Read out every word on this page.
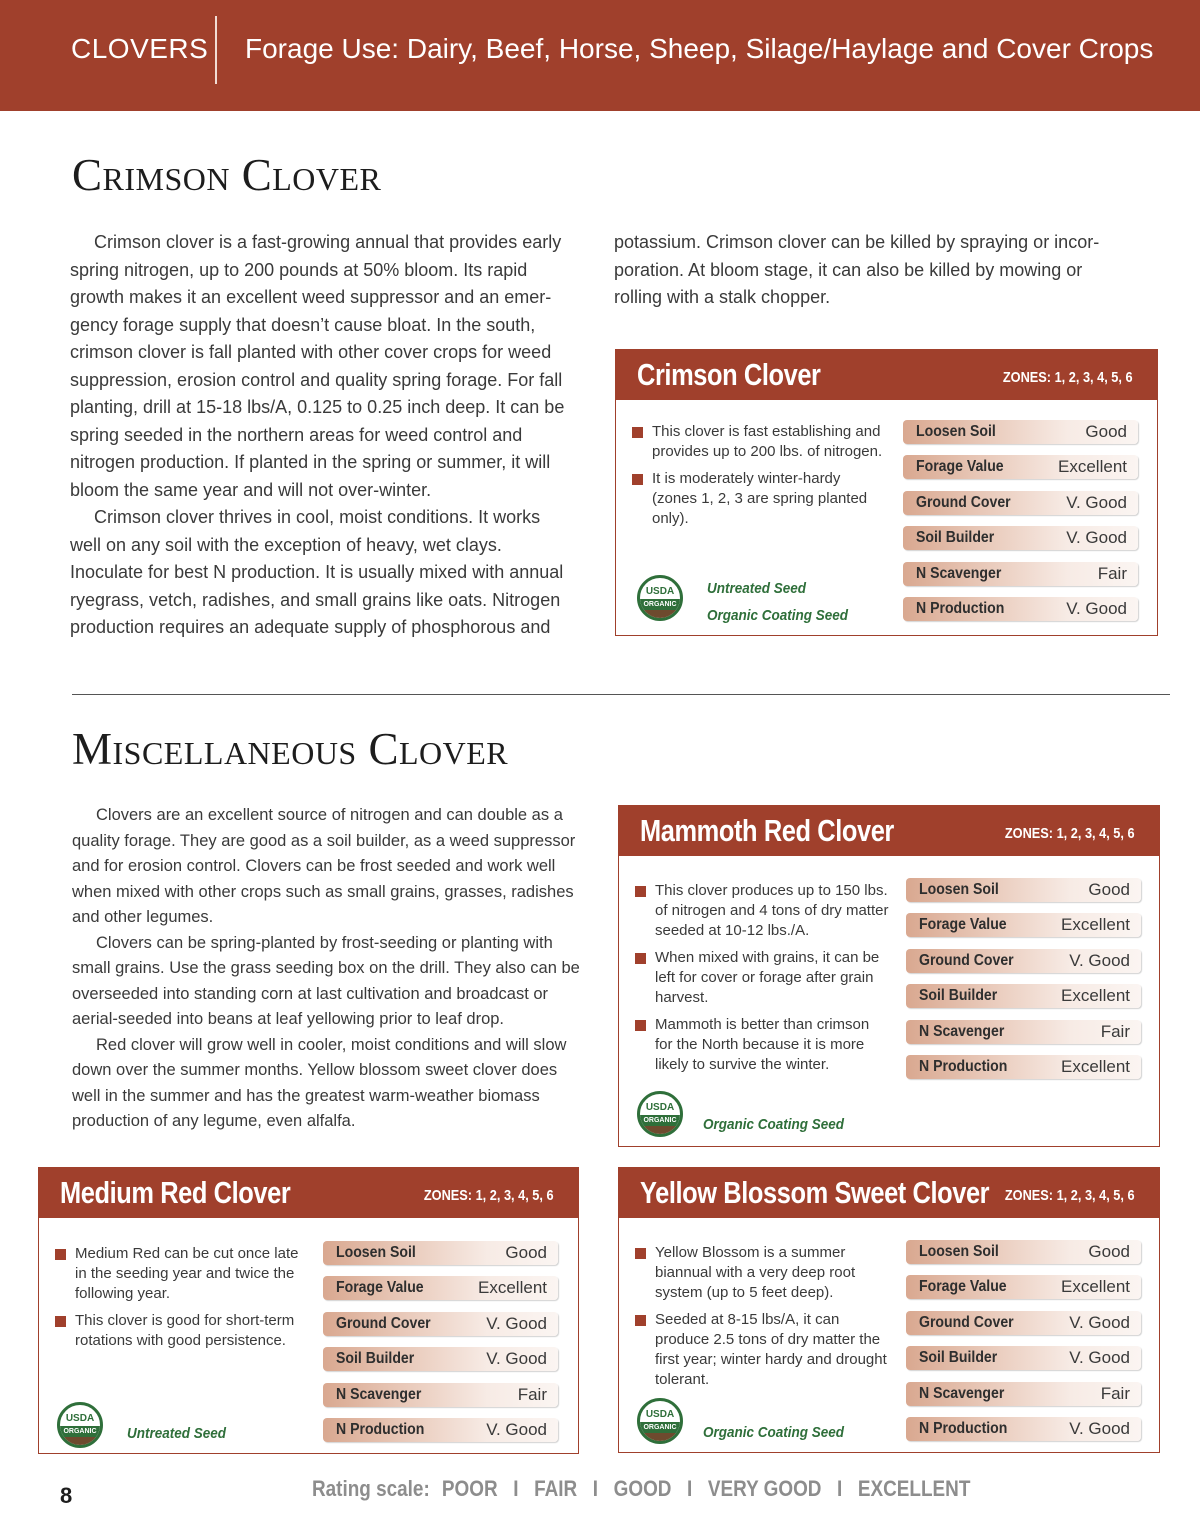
CLOVERS Forage Use: Dairy, Beef, Horse, Sheep, Silage/Haylage and Cover Crops
Crimson Clover

Crimson clover is a fast-growing annual that provides early spring nitrogen, up to 200 pounds at 50% bloom. Its rapid growth makes it an excellent weed suppressor and an emer-gency forage supply that doesn’t cause bloat. In the south, crimson clover is fall planted with other cover crops for weed suppression, erosion control and quality spring forage. For fall planting, drill at 15-18 lbs/A, 0.125 to 0.25 inch deep. It can be spring seeded in the northern areas for weed control and nitrogen production. If planted in the spring or summer, it will bloom the same year and will not over-winter.

Crimson clover thrives in cool, moist conditions. It works well on any soil with the exception of heavy, wet clays. Inoculate for best N production. It is usually mixed with annual ryegrass, vetch, radishes, and small grains like oats. Nitrogen production requires an adequate supply of phosphorous and

potassium. Crimson clover can be killed by spraying or incor-poration. At bloom stage, it can also be killed by mowing or rolling with a stalk chopper.

Crimson Clover	ZONES: 1, 2, 3, 4, 5, 6
This clover is fast establishing and provides up to 200 lbs. of nitrogen.
It is moderately winter-hardy (zones 1, 2, 3 are spring planted only).
USDA
ORGANIC
Untreated Seed
Organic Coating Seed
Loosen Soil	Good
Forage Value	Excellent
Ground Cover	V. Good
Soil Builder	V. Good
N Scavenger	Fair
N Production	V. Good
Miscellaneous Clover

Clovers are an excellent source of nitrogen and can double as a quality forage. They are good as a soil builder, as a weed suppressor and for erosion control. Clovers can be frost seeded and work well when mixed with other crops such as small grains, grasses, radishes and other legumes.

Clovers can be spring-planted by frost-seeding or planting with small grains. Use the grass seeding box on the drill. They also can be overseeded into standing corn at last cultivation and broadcast or aerial-seeded into beans at leaf yellowing prior to leaf drop.

Red clover will grow well in cooler, moist conditions and will slow down over the summer months. Yellow blossom sweet clover does well in the summer and has the greatest warm-weather biomass production of any legume, even alfalfa.

Mammoth Red Clover	ZONES: 1, 2, 3, 4, 5, 6
This clover produces up to 150 lbs. of nitrogen and 4 tons of dry matter seeded at 10-12 lbs./A.
When mixed with grains, it can be left for cover or forage after grain harvest.
Mammoth is better than crimson for the North because it is more likely to survive the winter.
USDA
ORGANIC Organic Coating Seed
Loosen Soil	Good
Forage Value	Excellent
Ground Cover	V. Good
Soil Builder	Excellent
N Scavenger	Fair
N Production	Excellent
Medium Red Clover	ZONES: 1, 2, 3, 4, 5, 6
Medium Red can be cut once late in the seeding year and twice the following year.
This clover is good for short-term rotations with good persistence.
USDA
ORGANIC Untreated Seed
Loosen Soil	Good
Forage Value	Excellent
Ground Cover	V. Good
Soil Builder	V. Good
N Scavenger	Fair
N Production	V. Good
Yellow Blossom Sweet Clover ZONES: 1, 2, 3, 4, 5, 6
Yellow Blossom is a summer biannual with a very deep root system (up to 5 feet deep).
Seeded at 8-15 lbs/A, it can produce 2.5 tons of dry matter the first year; winter hardy and drought tolerant.
USDA
ORGANIC Organic Coating Seed
Loosen Soil	Good
Forage Value	Excellent
Ground Cover	V. Good
Soil Builder	V. Good
N Scavenger	Fair
N Production	V. Good
8	Rating scale: POOR I FAIR I GOOD I VERY GOOD I EXCELLENT
